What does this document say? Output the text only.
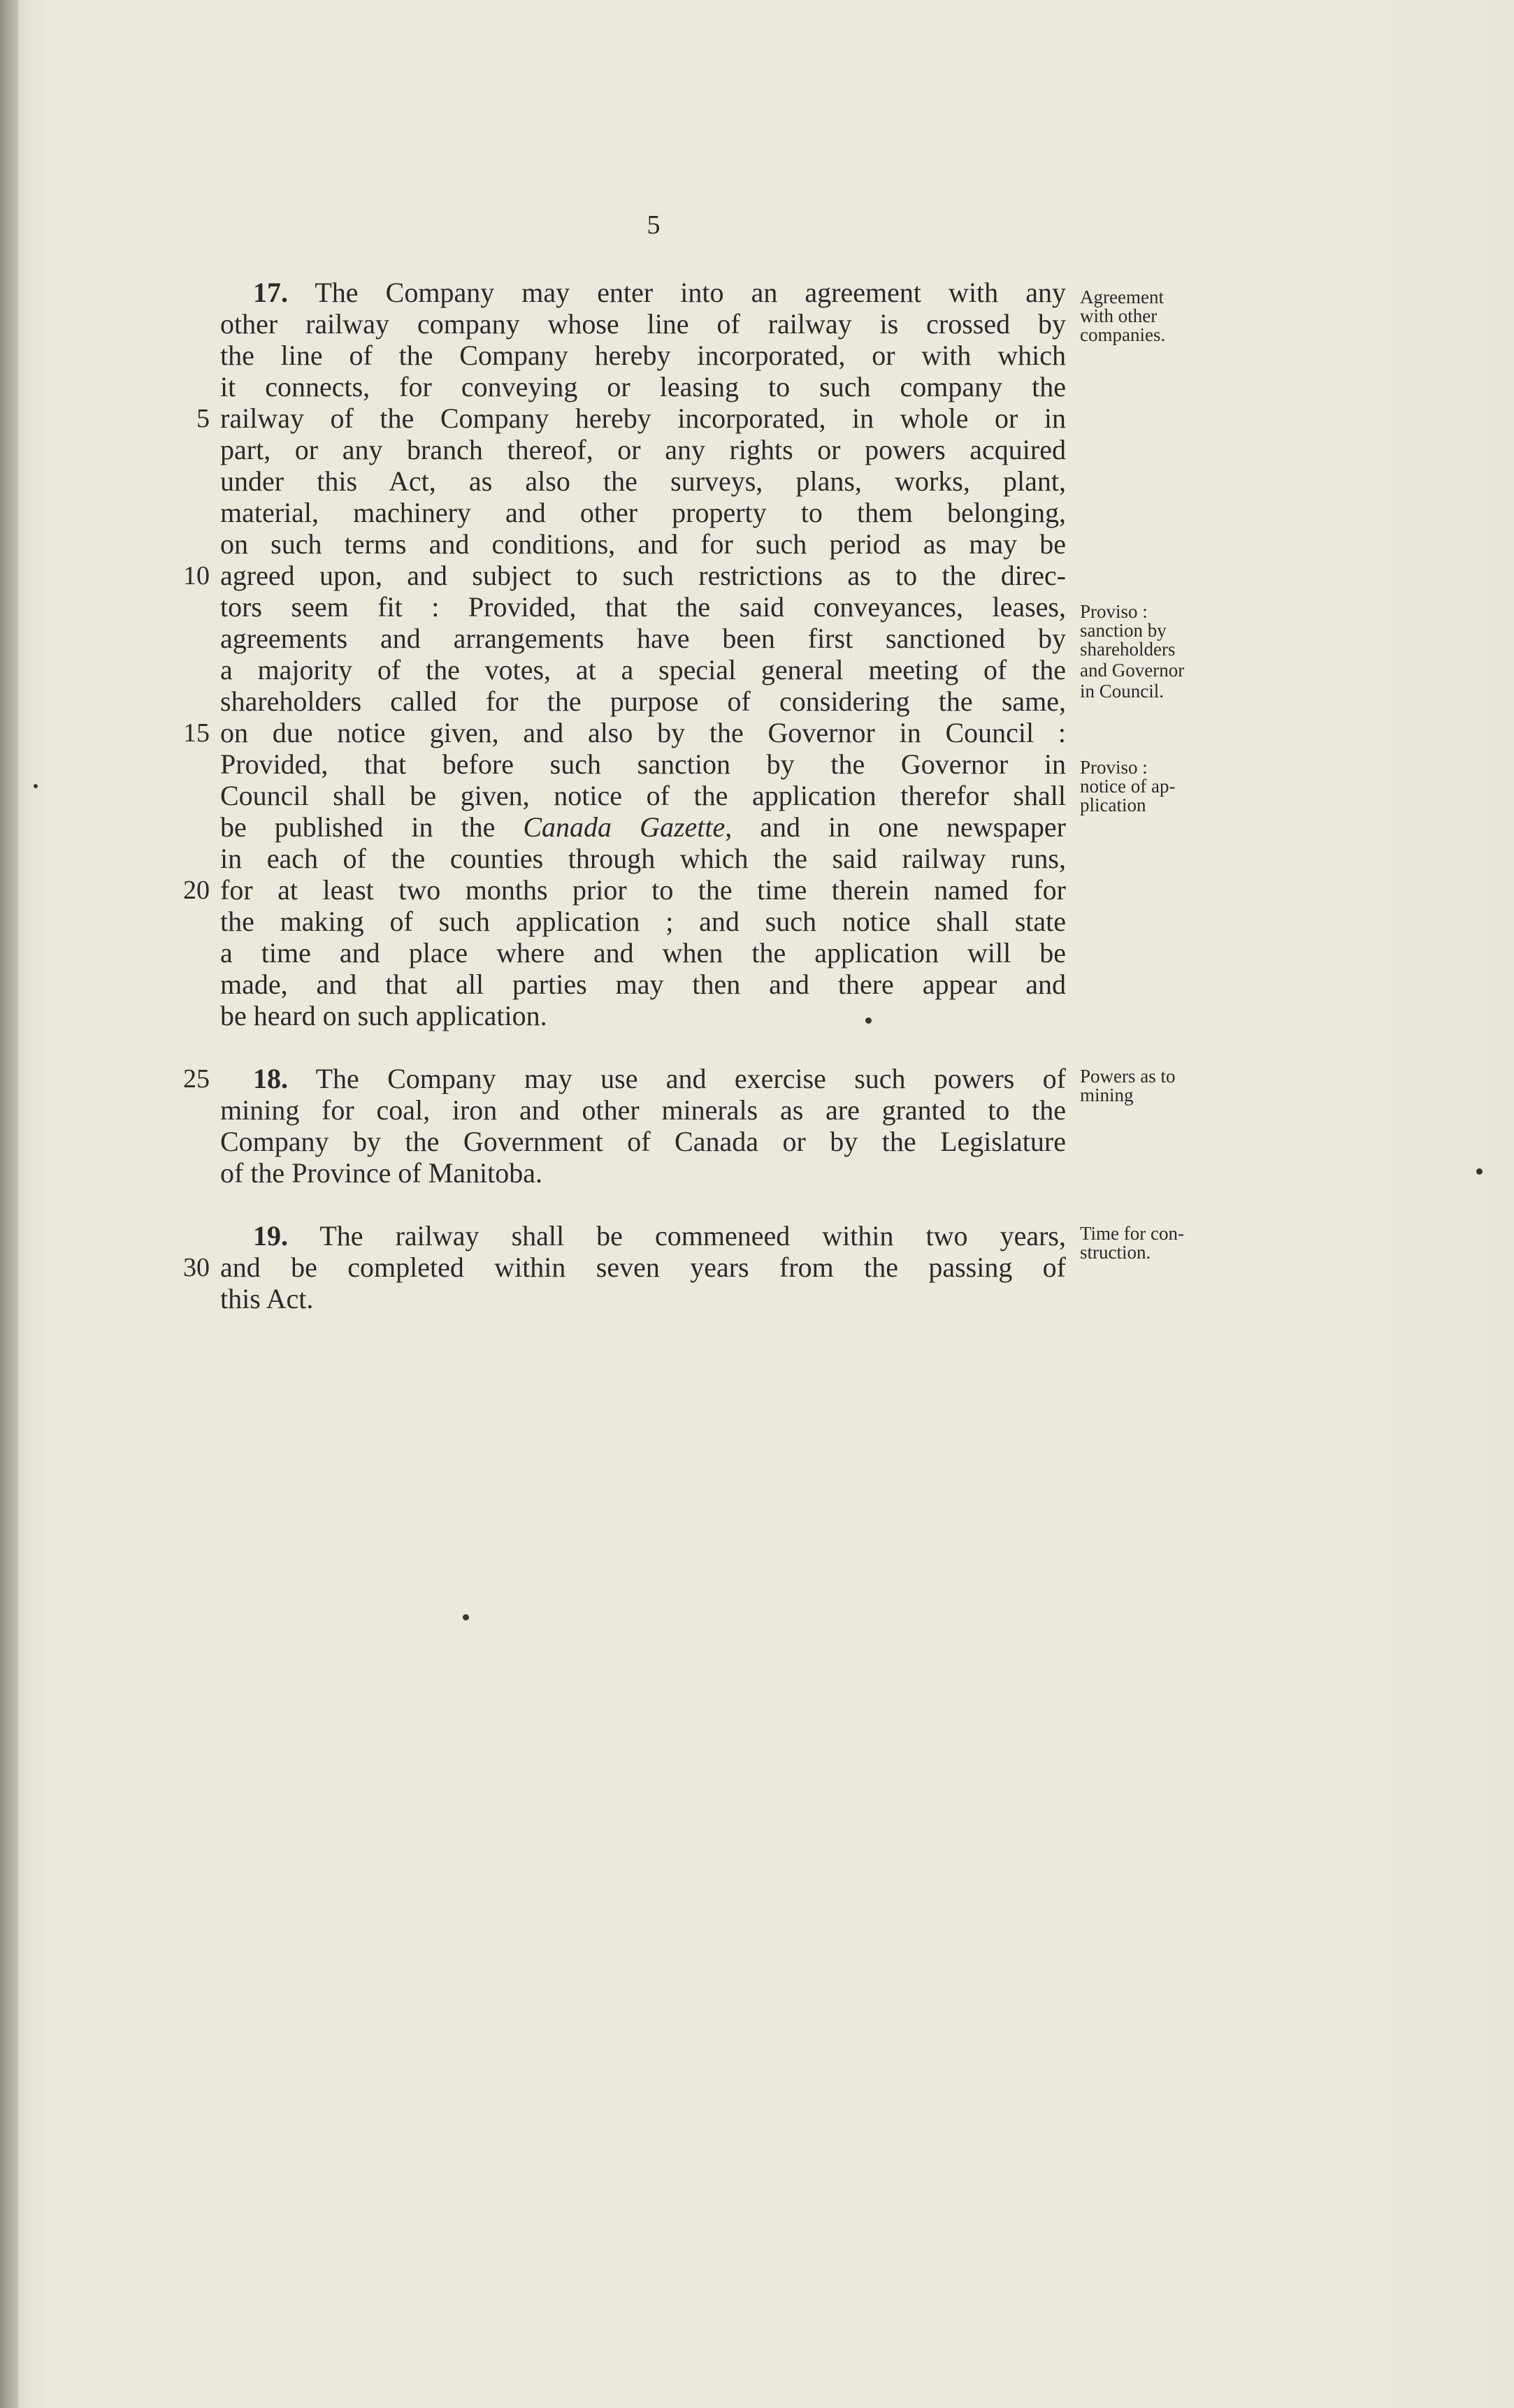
5
17. The Company may enter into an agreement with any
other railway company whose line of railway is crossed by
the line of the Company hereby incorporated, or with which
it connects, for conveying or leasing to such company the
railway of the Company hereby incorporated, in whole or in
part, or any branch thereof, or any rights or powers acquired
under this Act, as also the surveys, plans, works, plant,
material, machinery and other property to them belonging,
on such terms and conditions, and for such period as may be
agreed upon, and subject to such restrictions as to the direc-
tors seem fit : Provided, that the said conveyances, leases,
agreements and arrangements have been first sanctioned by
a majority of the votes, at a special general meeting of the
shareholders called for the purpose of considering the same,
on due notice given, and also by the Governor in Council :
Provided, that before such sanction by the Governor in
Council shall be given, notice of the application therefor shall
be published in the Canada Gazette, and in one newspaper
in each of the counties through which the said railway runs,
for at least two months prior to the time therein named for
the making of such application ; and such notice shall state
a time and place where and when the application will be
made, and that all parties may then and there appear and
be heard on such application.
18. The Company may use and exercise such powers of
mining for coal, iron and other minerals as are granted to the
Company by the Government of Canada or by the Legislature
of the Province of Manitoba.
19. The railway shall be commeneed within two years,
and be completed within seven years from the passing of
this Act.
5
10
15
20
25
30
Agreement
with other
companies.
Proviso :
sanction by
shareholders
and Governor
in Council.
Proviso :
notice of ap-
plication
Powers as to
mining
Time for con-
struction.
